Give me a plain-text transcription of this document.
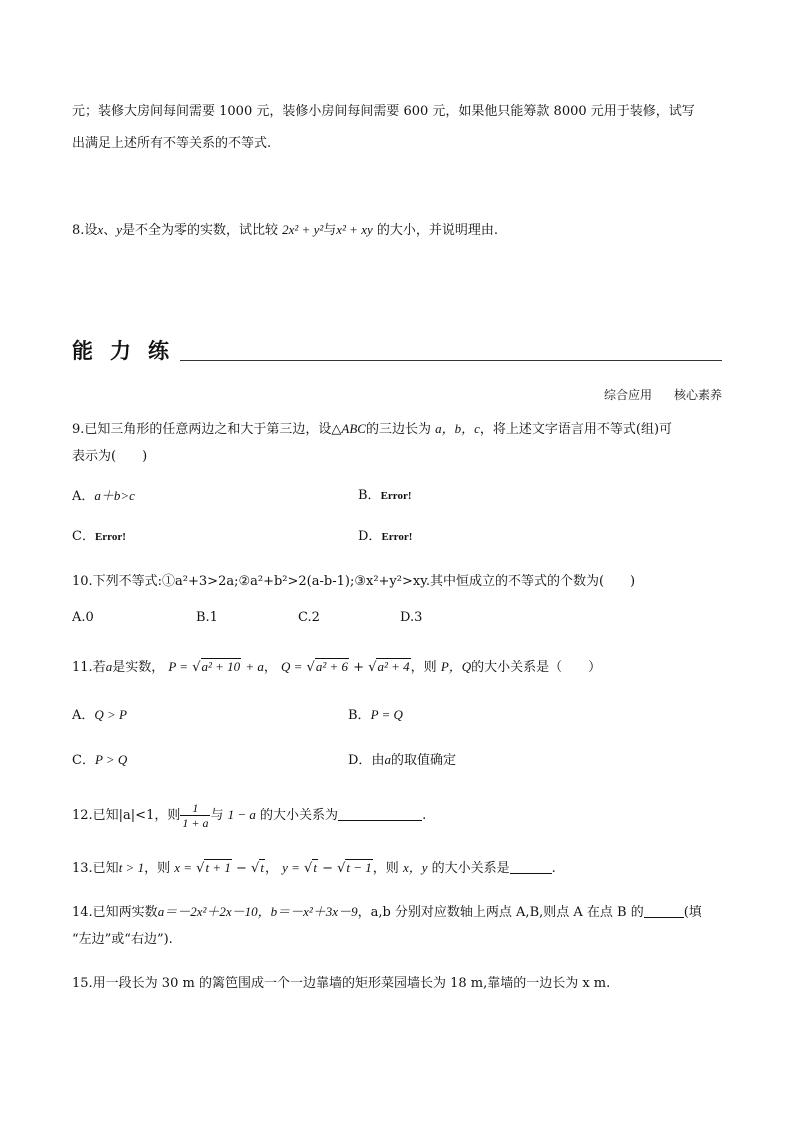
元；装修大房间每间需要 1000 元，装修小房间每间需要 600 元，如果他只能筹款 8000 元用于装修，试写
出满足上述所有不等关系的不等式.
8.设x、y是不全为零的实数，试比较 2x² + y²与x² + xy 的大小，并说明理由.
能力练
综合应用 核心素养
9.已知三角形的任意两边之和大于第三边，设△ABC的三边长为 a，b，c，将上述文字语言用不等式(组)可
表示为(　　)
A．a＋b>c	B．Error!
C．Error!	D．Error!
10.下列不等式:①a²+3>2a;②a²+b²>2(a-b-1);③x²+y²>xy.其中恒成立的不等式的个数为(　　)
A.0	B.1	C.2	D.3
11.若a是实数， P = √a² + 10 + a， Q = √a² + 6 + √a² + 4，则 P，Q的大小关系是（　　）
A．Q > P	B．P = Q
C．P > Q	D．由a的取值确定
12.已知|a|<1，则 $\frac{1}{1 + a}$ 与 1 − a 的大小关系为	.
13.已知t > 1，则 x = √t + 1 − √t， y = √t − √t − 1，则 x，y 的大小关系是	.
14.已知两实数a＝－2x²＋2x－10，b＝－x²＋3x－9，a,b 分别对应数轴上两点 A,B,则点 A 在点 B 的	(填
“左边”或“右边”).
15.用一段长为 30 m 的篱笆围成一个一边靠墙的矩形菜园墙长为 18 m,靠墙的一边长为 x m.
